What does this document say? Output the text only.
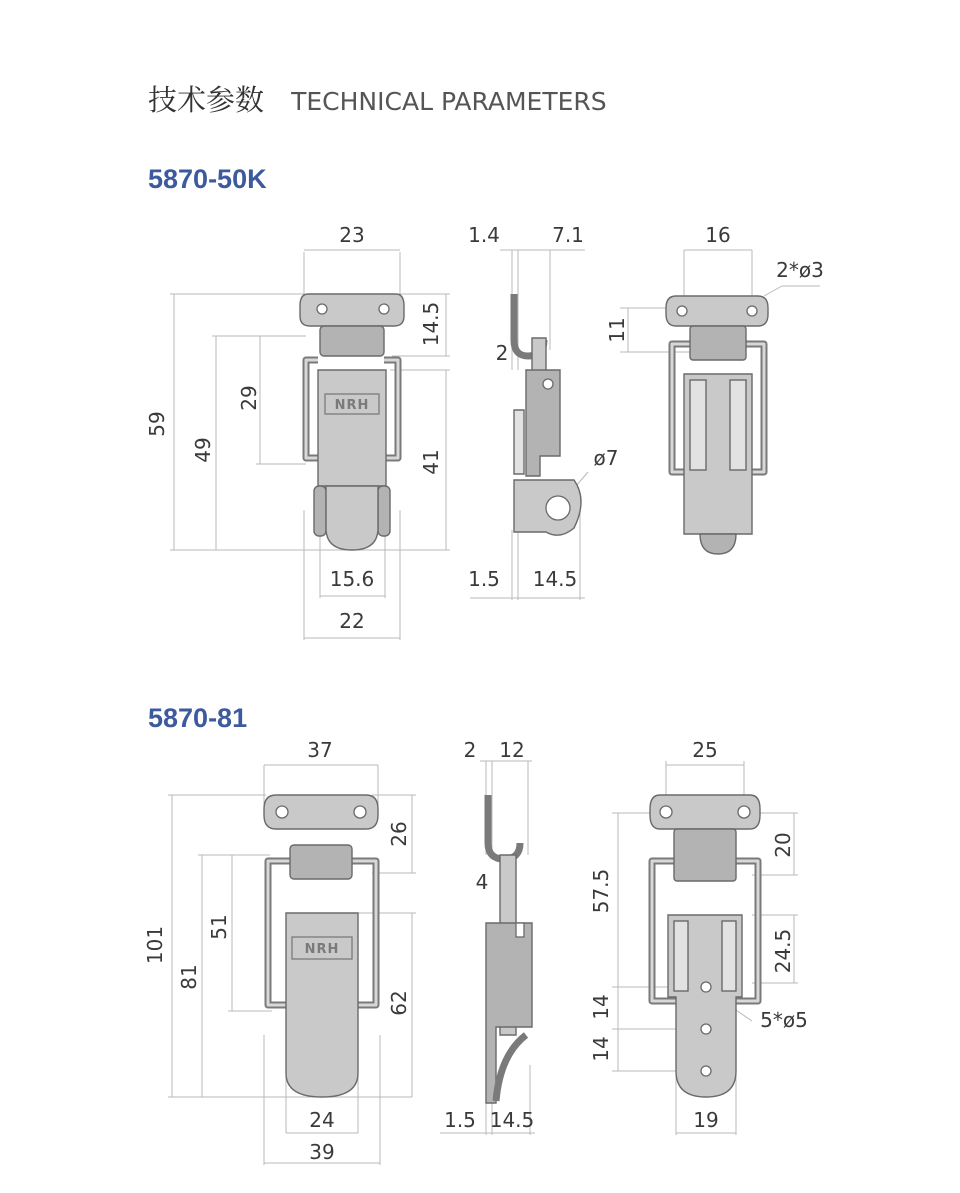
技术参数 TECHNICAL PARAMETERS
5870-50K
23
59
49
29
14.5
41
15.6
22
NRH
1.4	7.1
2
ø7
1.5 14.5
16
2*ø3
11
5870-81
37
101
81
51
26
62
24
39
NRH
2 12
4
1.5 14.5
25
57.5
20
24.5
14
14
5*ø5
19
